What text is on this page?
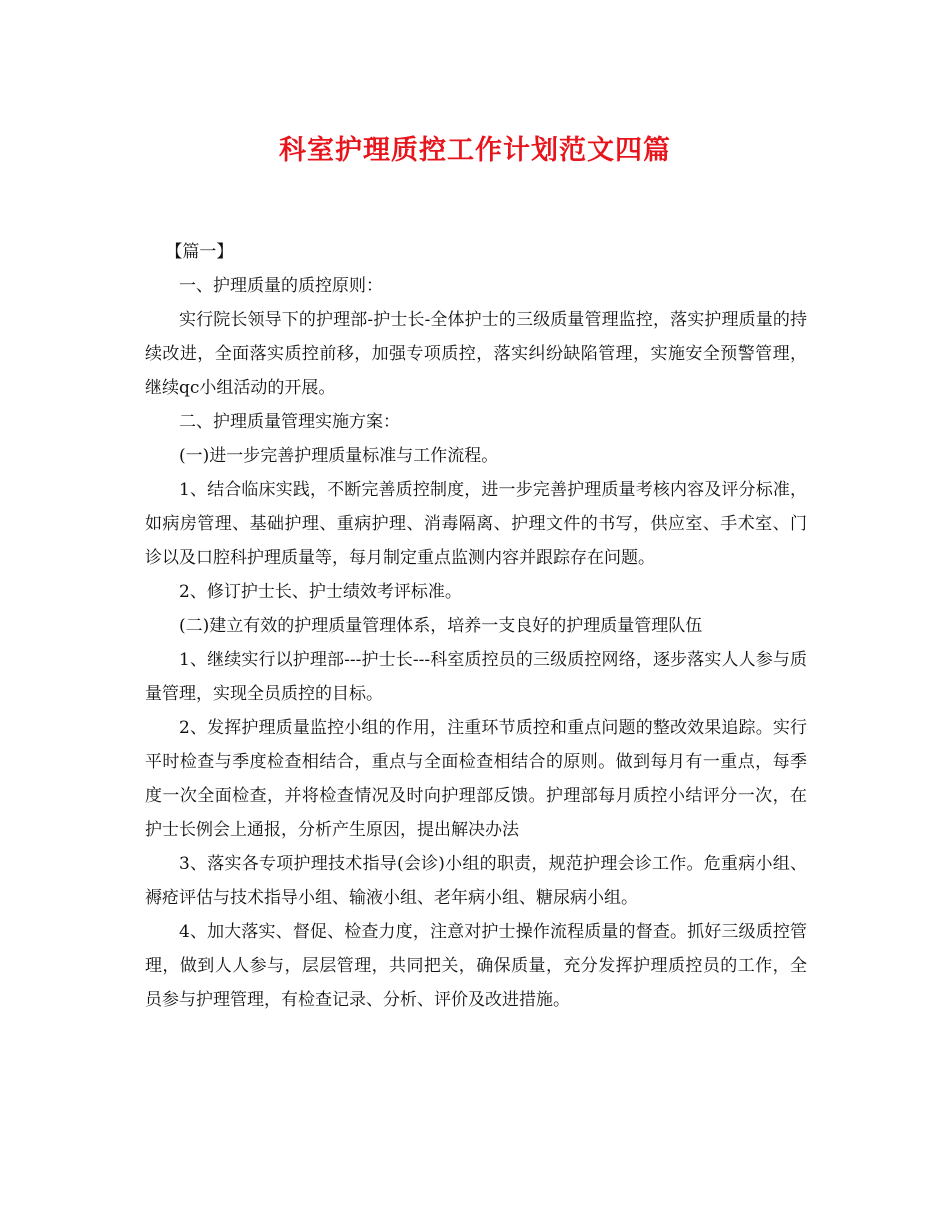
科室护理质控工作计划范文四篇

【篇一】

一、护理质量的质控原则：

实行院长领导下的护理部-护士长-全体护士的三级质量管理监控，落实护理质量的持续改进，全面落实质控前移，加强专项质控，落实纠纷缺陷管理，实施安全预警管理，继续qc小组活动的开展。

二、护理质量管理实施方案：

(一)进一步完善护理质量标准与工作流程。

1、结合临床实践，不断完善质控制度，进一步完善护理质量考核内容及评分标准，如病房管理、基础护理、重病护理、消毒隔离、护理文件的书写，供应室、手术室、门诊以及口腔科护理质量等，每月制定重点监测内容并跟踪存在问题。

2、修订护士长、护士绩效考评标准。

(二)建立有效的护理质量管理体系，培养一支良好的护理质量管理队伍

1、继续实行以护理部---护士长---科室质控员的三级质控网络，逐步落实人人参与质量管理，实现全员质控的目标。

2、发挥护理质量监控小组的作用，注重环节质控和重点问题的整改效果追踪。实行平时检查与季度检查相结合，重点与全面检查相结合的原则。做到每月有一重点，每季度一次全面检查，并将检查情况及时向护理部反馈。护理部每月质控小结评分一次，在护士长例会上通报，分析产生原因，提出解决办法

3、落实各专项护理技术指导(会诊)小组的职责，规范护理会诊工作。危重病小组、褥疮评估与技术指导小组、输液小组、老年病小组、糖尿病小组。

4、加大落实、督促、检查力度，注意对护士操作流程质量的督查。抓好三级质控管理，做到人人参与，层层管理，共同把关，确保质量，充分发挥护理质控员的工作，全员参与护理管理，有检查记录、分析、评价及改进措施。
